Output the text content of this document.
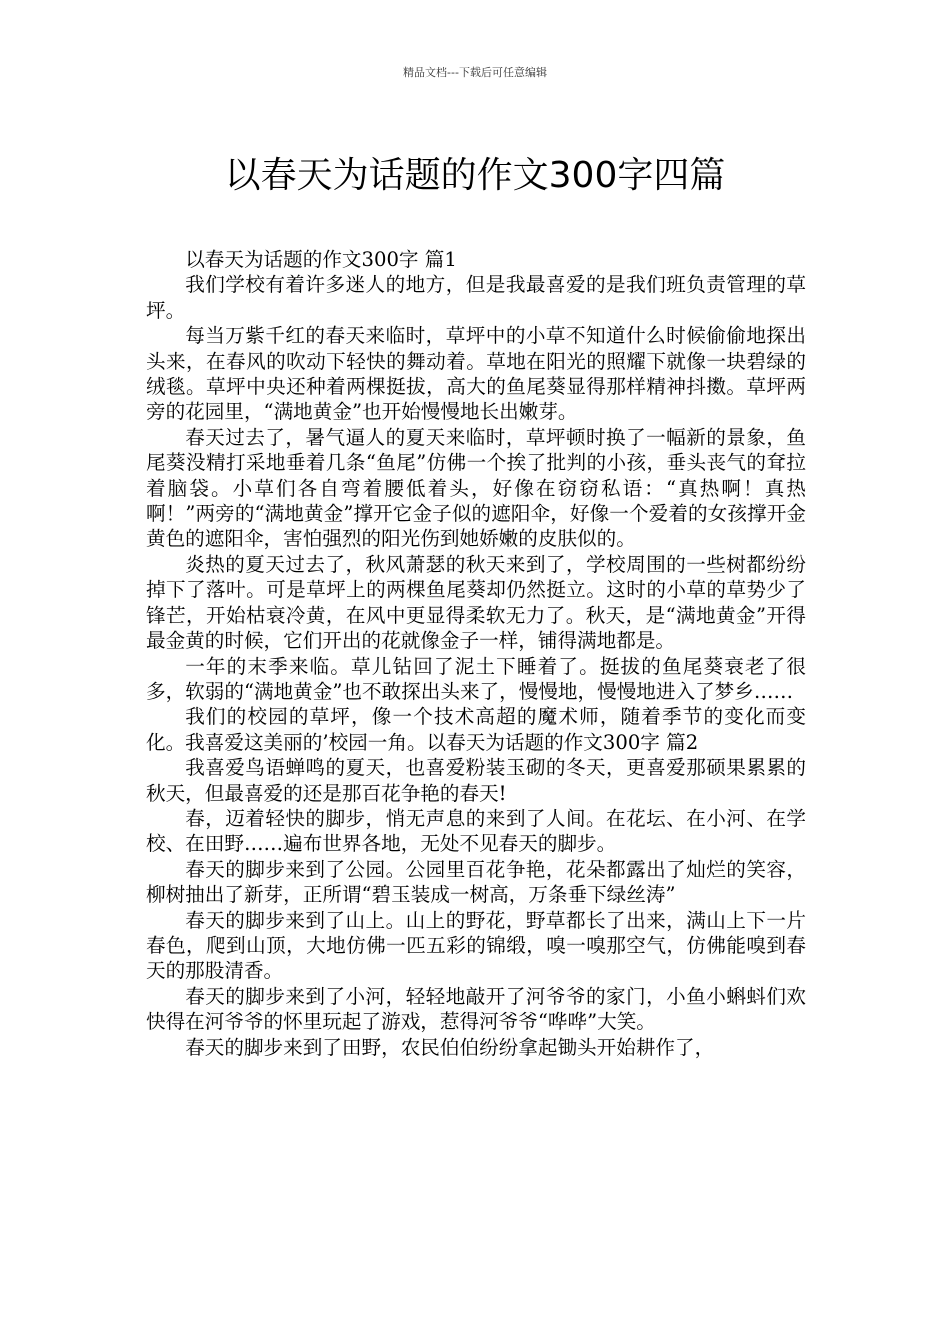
精品文档---下载后可任意编辑
以春天为话题的作文300字四篇

以春天为话题的作文300字 篇1

我们学校有着许多迷人的地方，但是我最喜爱的是我们班负责管理的草坪。

每当万紫千红的春天来临时，草坪中的小草不知道什么时候偷偷地探出头来，在春风的吹动下轻快的舞动着。草地在阳光的照耀下就像一块碧绿的绒毯。草坪中央还种着两棵挺拔，高大的鱼尾葵显得那样精神抖擞。草坪两旁的花园里，“满地黄金”也开始慢慢地长出嫩芽。

春天过去了，暑气逼人的夏天来临时，草坪顿时换了一幅新的景象，鱼尾葵没精打采地垂着几条“鱼尾”仿佛一个挨了批判的小孩，垂头丧气的耷拉着脑袋。小草们各自弯着腰低着头，好像在窃窃私语：“真热啊！真热啊！”两旁的“满地黄金”撑开它金子似的遮阳伞，好像一个爱着的女孩撑开金黄色的遮阳伞，害怕强烈的阳光伤到她娇嫩的皮肤似的。

炎热的夏天过去了，秋风萧瑟的秋天来到了，学校周围的一些树都纷纷掉下了落叶。可是草坪上的两棵鱼尾葵却仍然挺立。这时的小草的草势少了锋芒，开始枯衰冷黄，在风中更显得柔软无力了。秋天，是“满地黄金”开得最金黄的时候，它们开出的花就像金子一样，铺得满地都是。

一年的末季来临。草儿钻回了泥土下睡着了。挺拔的鱼尾葵衰老了很多，软弱的“满地黄金”也不敢探出头来了，慢慢地，慢慢地进入了梦乡……

我们的校园的草坪，像一个技术高超的魔术师，随着季节的变化而变化。我喜爱这美丽的’校园一角。以春天为话题的作文300字 篇2

我喜爱鸟语蝉鸣的夏天，也喜爱粉装玉砌的冬天，更喜爱那硕果累累的秋天，但最喜爱的还是那百花争艳的春天!

春，迈着轻快的脚步，悄无声息的来到了人间。在花坛、在小河、在学校、在田野……遍布世界各地，无处不见春天的脚步。

春天的脚步来到了公园。公园里百花争艳，花朵都露出了灿烂的笑容，柳树抽出了新芽，正所谓“碧玉装成一树高，万条垂下绿丝涛”

春天的脚步来到了山上。山上的野花，野草都长了出来，满山上下一片春色，爬到山顶，大地仿佛一匹五彩的锦缎，嗅一嗅那空气，仿佛能嗅到春天的那股清香。

春天的脚步来到了小河，轻轻地敲开了河爷爷的家门，小鱼小蝌蚪们欢快得在河爷爷的怀里玩起了游戏，惹得河爷爷“哗哗”大笑。

春天的脚步来到了田野，农民伯伯纷纷拿起锄头开始耕作了，
